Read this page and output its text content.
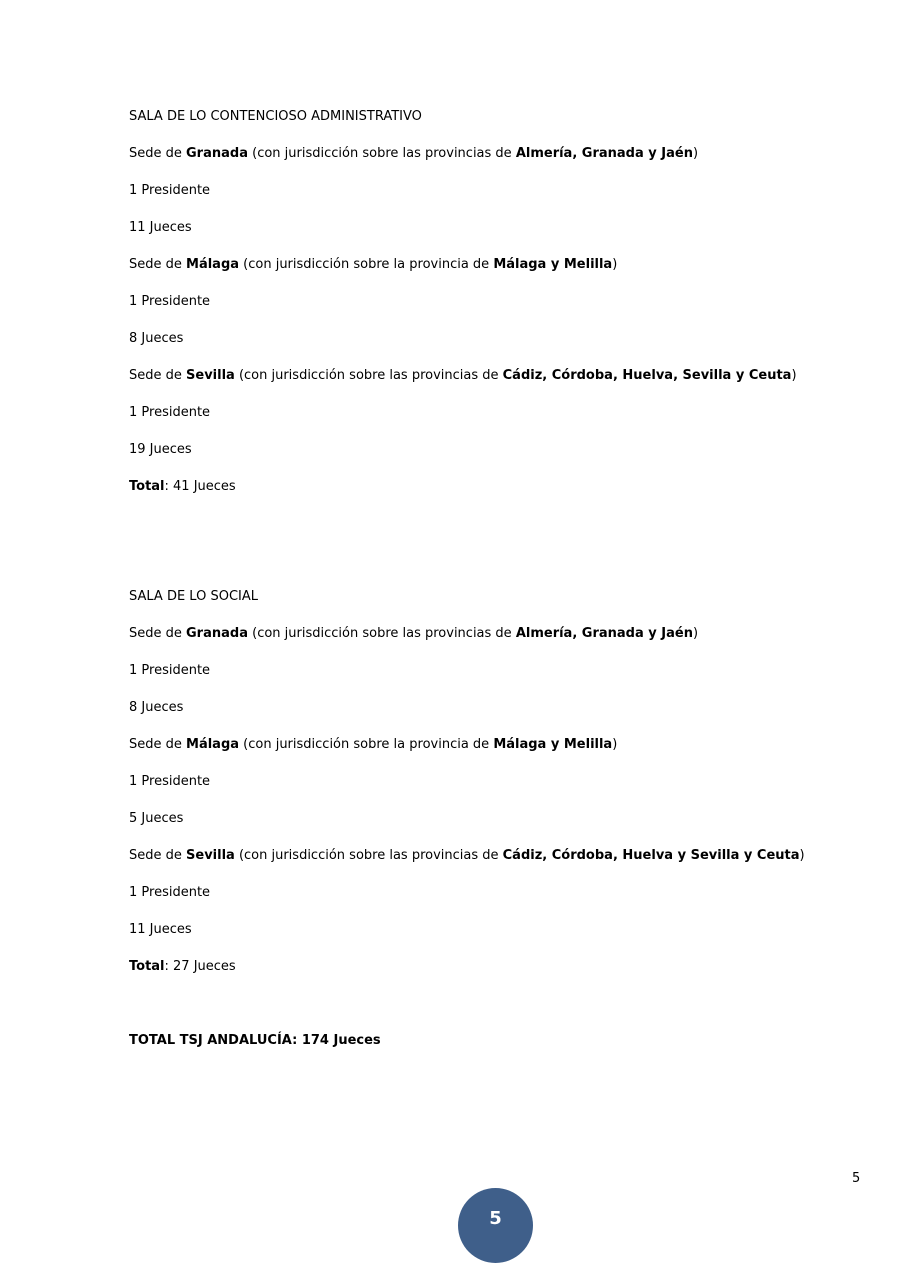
SALA DE LO CONTENCIOSO ADMINISTRATIVO
Sede de Granada (con jurisdicción sobre las provincias de Almería, Granada y Jaén)
1 Presidente
11 Jueces
Sede de Málaga (con jurisdicción sobre la provincia de Málaga y Melilla)
1 Presidente
8 Jueces
Sede de Sevilla (con jurisdicción sobre las provincias de Cádiz, Córdoba, Huelva, Sevilla y Ceuta)
1 Presidente
19 Jueces
Total: 41 Jueces
SALA DE LO SOCIAL
Sede de Granada (con jurisdicción sobre las provincias de Almería, Granada y Jaén)
1 Presidente
8 Jueces
Sede de Málaga (con jurisdicción sobre la provincia de Málaga y Melilla)
1 Presidente
5 Jueces
Sede de Sevilla (con jurisdicción sobre las provincias de Cádiz, Córdoba, Huelva y Sevilla y Ceuta)
1 Presidente
11 Jueces
Total: 27 Jueces
TOTAL TSJ ANDALUCÍA: 174 Jueces
5
5
